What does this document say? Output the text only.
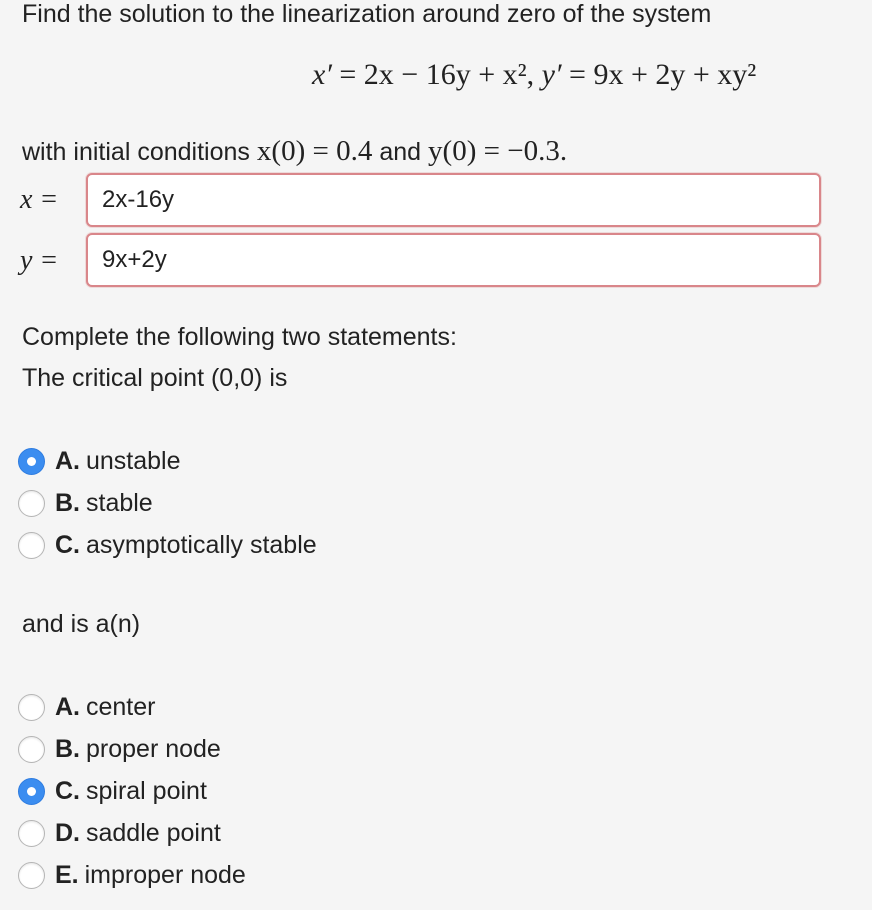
Find the solution to the linearization around zero of the system
x′ = 2x − 16y + x², y′ = 9x + 2y + xy²
with initial conditions x(0) = 0.4 and y(0) = −0.3.
x =
2x-16y
y =
9x+2y
Complete the following two statements:
The critical point (0,0) is
A. unstable
B. stable
C. asymptotically stable
and is a(n)
A. center
B. proper node
C. spiral point
D. saddle point
E. improper node
